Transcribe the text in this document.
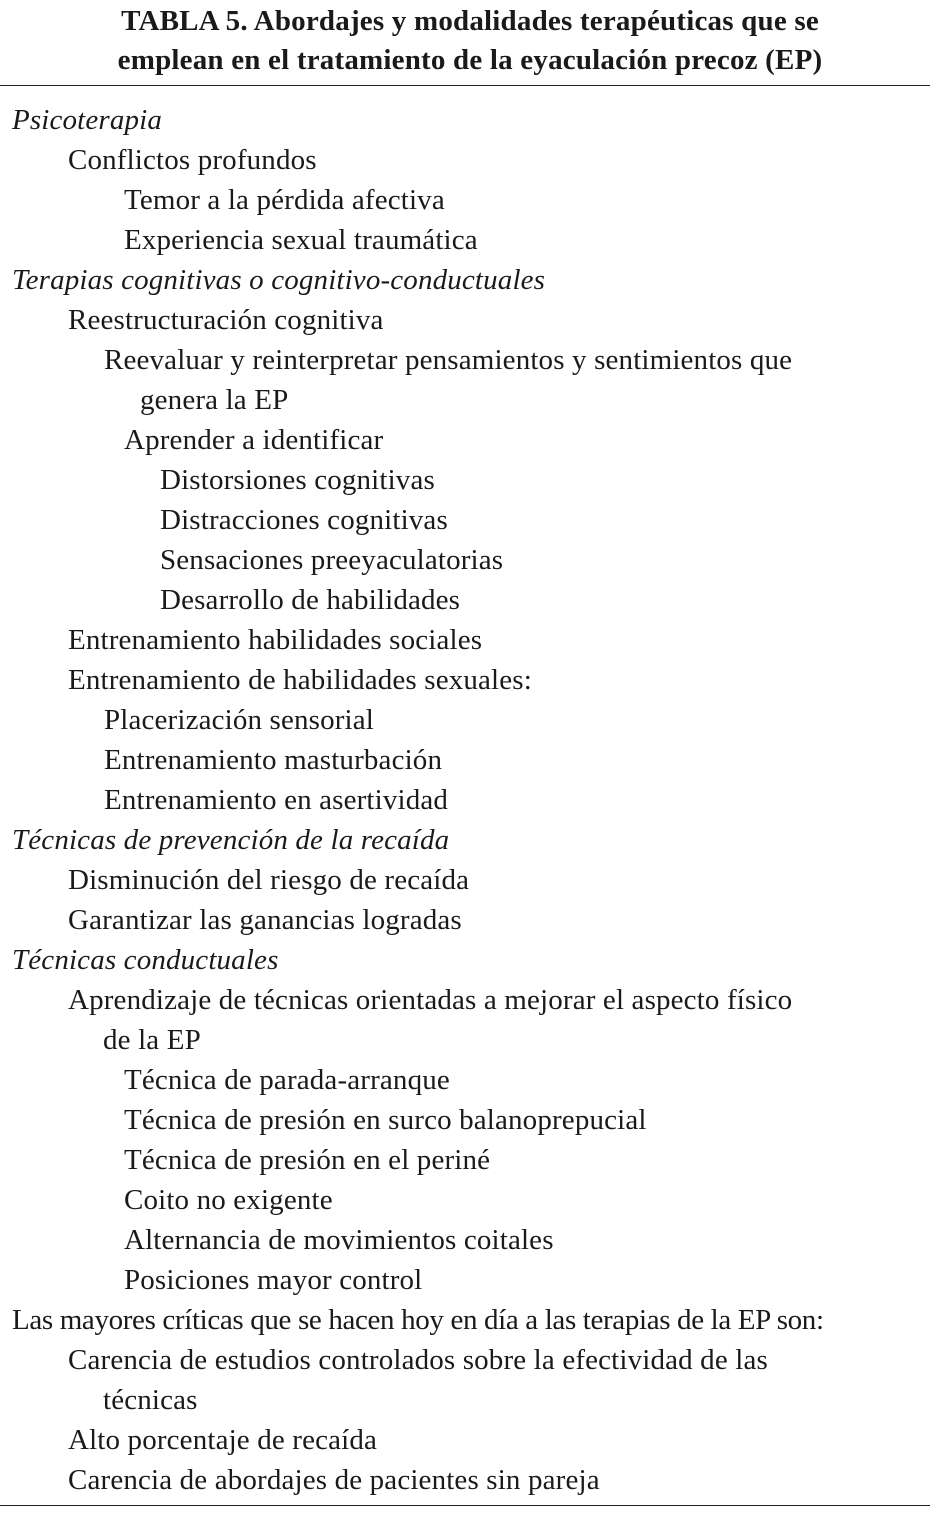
TABLA 5. Abordajes y modalidades terapéuticas que se
emplean en el tratamiento de la eyaculación precoz (EP)
Psicoterapia
Conflictos profundos
Temor a la pérdida afectiva
Experiencia sexual traumática
Terapias cognitivas o cognitivo-conductuales
Reestructuración cognitiva
Reevaluar y reinterpretar pensamientos y sentimientos que
genera la EP
Aprender a identificar
Distorsiones cognitivas
Distracciones cognitivas
Sensaciones preeyaculatorias
Desarrollo de habilidades
Entrenamiento habilidades sociales
Entrenamiento de habilidades sexuales:
Placerización sensorial
Entrenamiento masturbación
Entrenamiento en asertividad
Técnicas de prevención de la recaída
Disminución del riesgo de recaída
Garantizar las ganancias logradas
Técnicas conductuales
Aprendizaje de técnicas orientadas a mejorar el aspecto físico
de la EP
Técnica de parada-arranque
Técnica de presión en surco balanoprepucial
Técnica de presión en el periné
Coito no exigente
Alternancia de movimientos coitales
Posiciones mayor control
Las mayores críticas que se hacen hoy en día a las terapias de la EP son:
Carencia de estudios controlados sobre la efectividad de las
técnicas
Alto porcentaje de recaída
Carencia de abordajes de pacientes sin pareja
